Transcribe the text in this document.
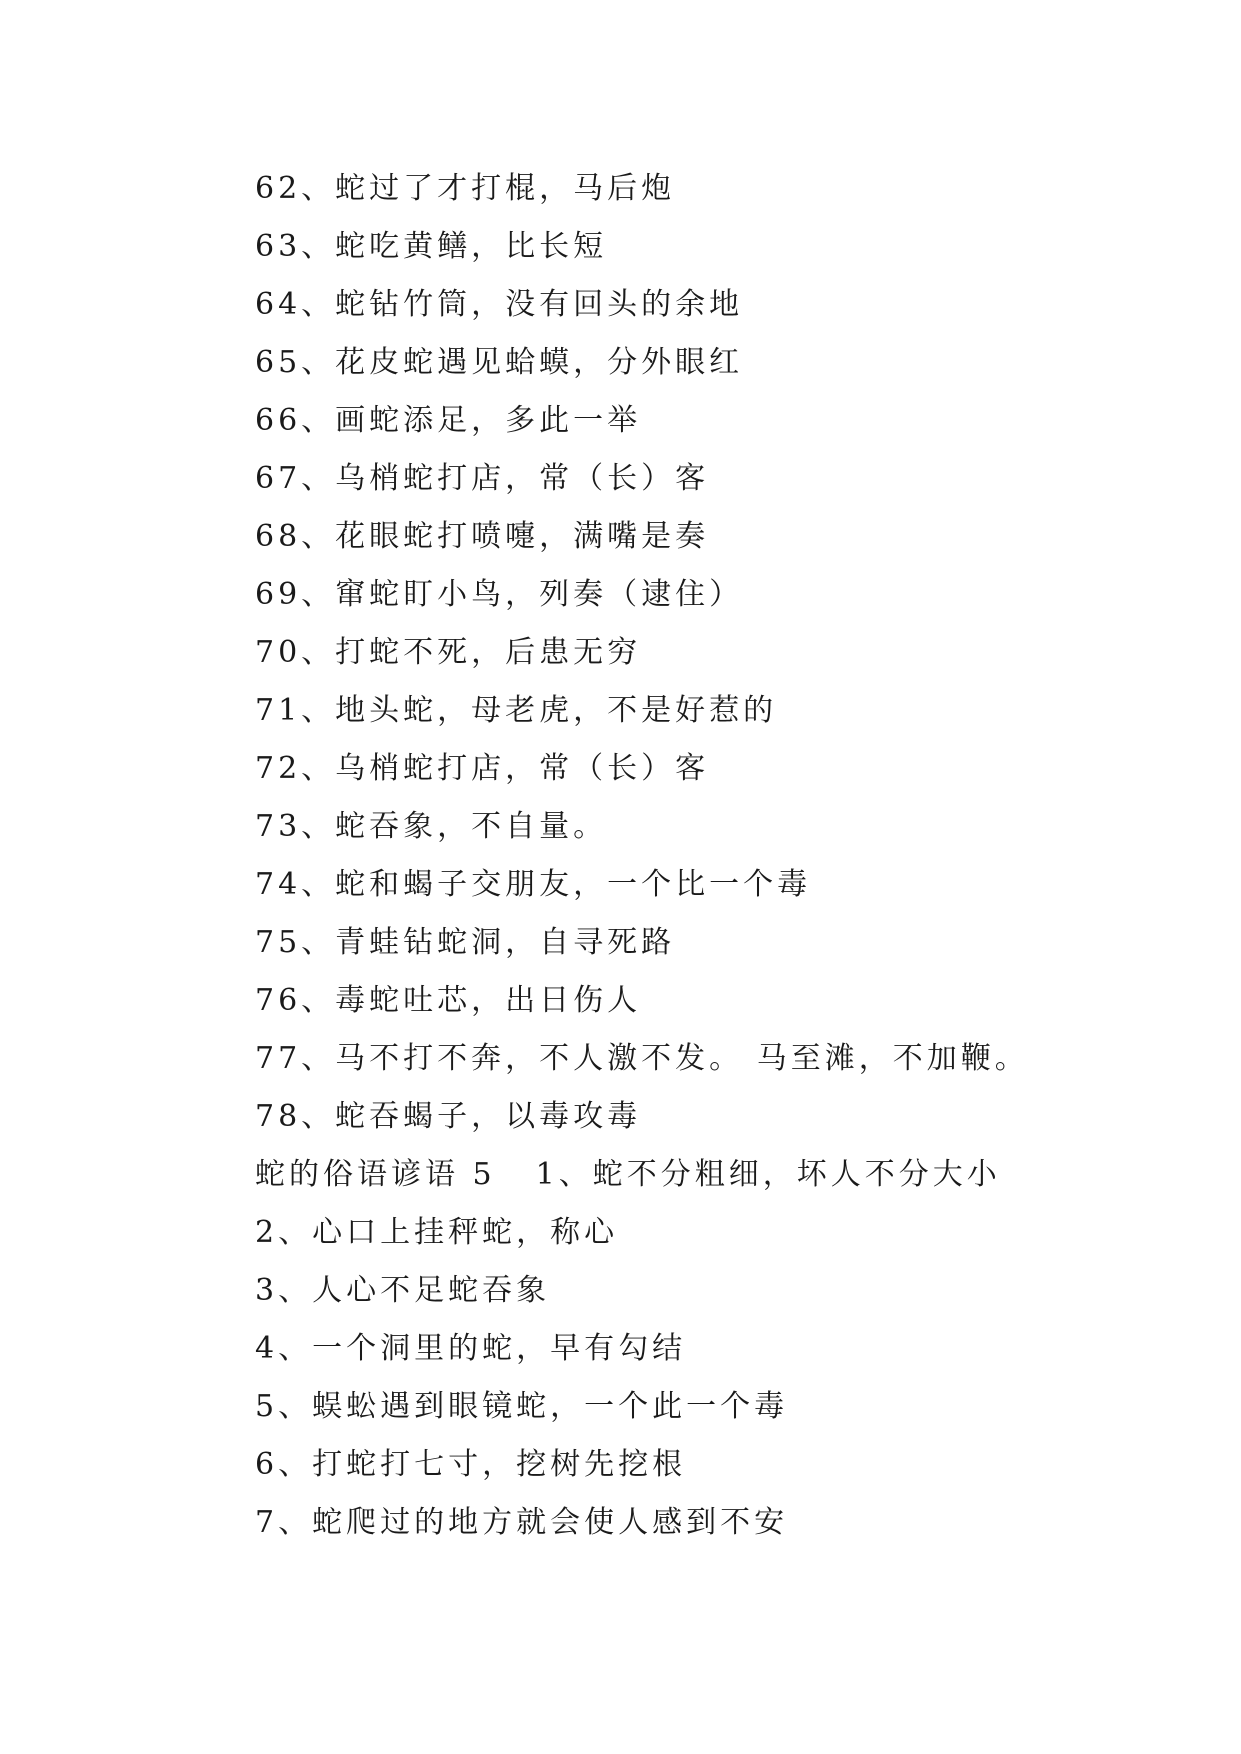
62、蛇过了才打棍，马后炮
63、蛇吃黄鳝，比长短
64、蛇钻竹筒，没有回头的余地
65、花皮蛇遇见蛤蟆，分外眼红
66、画蛇添足，多此一举
67、乌梢蛇打店，常（长）客
68、花眼蛇打喷嚏，满嘴是奏
69、窜蛇盯小鸟，列奏（逮住）
70、打蛇不死，后患无穷
71、地头蛇，母老虎，不是好惹的
72、乌梢蛇打店，常（长）客
73、蛇吞象，不自量。
74、蛇和蝎子交朋友，一个比一个毒
75、青蛙钻蛇洞，自寻死路
76、毒蛇吐芯，出日伤人
77、马不打不奔，不人激不发。 马至滩，不加鞭。
78、蛇吞蝎子，以毒攻毒
蛇的俗语谚语 5 1、蛇不分粗细，坏人不分大小
2、心口上挂秤蛇，称心
3、人心不足蛇吞象
4、一个洞里的蛇，早有勾结
5、蜈蚣遇到眼镜蛇，一个此一个毒
6、打蛇打七寸，挖树先挖根
7、蛇爬过的地方就会使人感到不安
